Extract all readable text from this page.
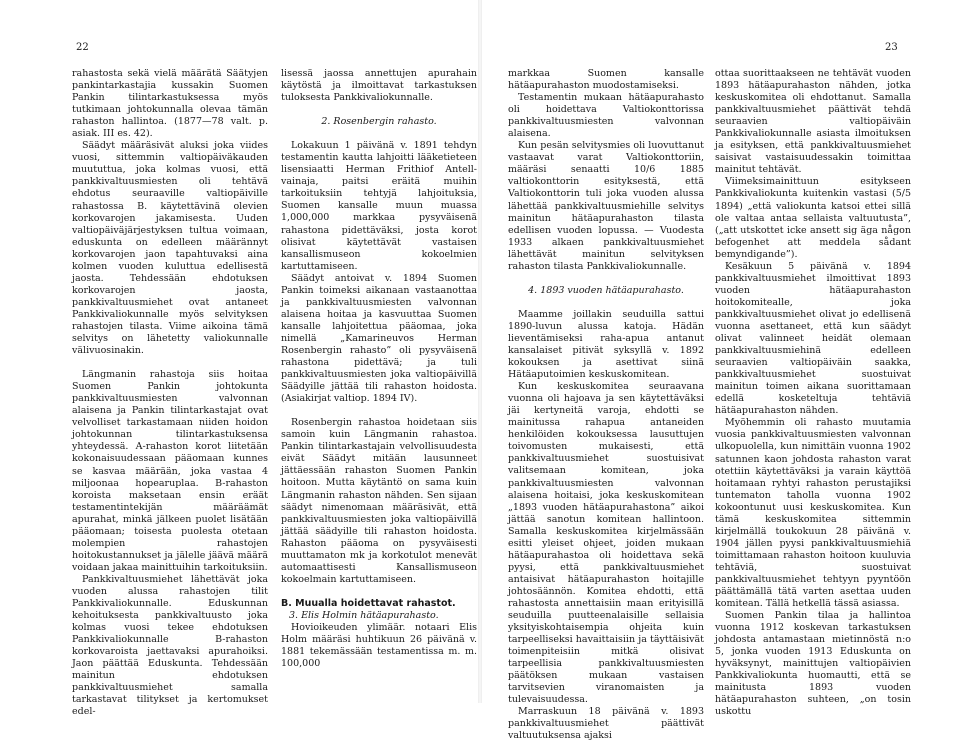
22

rahastosta sekä vielä määrätä Säätyjen pankintarkastajia kussakin Suomen Pankin tilintarkastuksessa myös tutkimaan johtokunnalla olevaa tämän rahaston hallintoa. (1877—78 valt. p. asiak. III es. 42).

Säädyt määräsivät aluksi joka viides vuosi, sittemmin valtiopäiväkauden muututtua, joka kolmas vuosi, että pankkivaltuusmiesten oli tehtävä ehdotus seuraaville valtiopäiville rahastossa B. käytettävinä olevien korkovarojen jakamisesta. Uuden valtiopäiväjärjestyksen tultua voimaan, eduskunta on edelleen määrännyt korkovarojen jaon tapahtuvaksi aina kolmen vuoden kuluttua edellisestä jaosta. Tehdessään ehdotuksen korkovarojen jaosta, pankkivaltuusmiehet ovat antaneet Pankkivaliokunnalle myös selvityksen rahastojen tilasta. Viime aikoina tämä selvitys on lähetetty valiokunnalle välivuosinakin.

Längmanin rahastoja siis hoitaa Suomen Pankin johtokunta pankkivaltuusmiesten valvonnan alaisena ja Pankin tilintarkastajat ovat velvolliset tarkastamaan niiden hoidon johtokunnan tilintarkastuksensa yhteydessä. A-rahaston korot liitetään kokonaisuudessaan pääomaan kunnes se kasvaa määrään, joka vastaa 4 miljoonaa hopearuplaa. B-rahaston koroista maksetaan ensin eräät testamentintekijän määräämät apurahat, minkä jälkeen puolet lisätään pääomaan; toisesta puolesta otetaan molempien rahastojen hoitokustannukset ja jälelle jäävä määrä voidaan jakaa mainittuihin tarkoituksiin.

Pankkivaltuusmiehet lähettävät joka vuoden alussa rahastojen tilit Pankkivaliokunnalle. Eduskunnan kehoituksesta pankkivaltuusto joka kolmas vuosi tekee ehdotuksen Pankkivaliokunnalle B-rahaston korkovaroista jaettavaksi apurahoiksi. Jaon päättää Eduskunta. Tehdessään mainitun ehdotuksen pankkivaltuusmiehet samalla tarkastavat tilitykset ja kertomukset edel-

lisessä jaossa annettujen apurahain käytöstä ja ilmoittavat tarkastuksen tuloksesta Pankkivaliokunnalle.

2. Rosenbergin rahasto.

Lokakuun 1 päivänä v. 1891 tehdyn testamentin kautta lahjoitti lääketieteen lisensiaatti Herman Frithiof Antell-vainaja, paitsi eräitä muihin tarkoituksiin tehtyjä lahjoituksia, Suomen kansalle muun muassa 1,000,000 markkaa pysyväisenä rahastona pidettäväksi, josta korot olisivat käytettävät vastaisen kansallismuseon kokoelmien kartuttamiseen.

Säädyt antoivat v. 1894 Suomen Pankin toimeksi aikanaan vastaanottaa ja pankkivaltuusmiesten valvonnan alaisena hoitaa ja kasvuuttaa Suomen kansalle lahjoitettua pääomaa, joka nimellä „Kamarineuvos Herman Rosenbergin rahasto” oli pysyväisenä rahastona pidettävä; ja tuli pankkivaltuusmiesten joka valtiopäivillä Säädyille jättää tili rahaston hoidosta. (Asiakirjat valtiop. 1894 IV).

Rosenbergin rahastoa hoidetaan siis samoin kuin Längmanin rahastoa. Pankin tilintarkastajain velvollisuudesta eivät Säädyt mitään lausunneet jättäessään rahaston Suomen Pankin hoitoon. Mutta käytäntö on sama kuin Längmanin rahaston nähden. Sen sijaan säädyt nimenomaan määräsivät, että pankkivaltuusmiesten joka valtiopäivillä jättää säädyille tili rahaston hoidosta. Rahaston pääoma on pysyväisesti muuttamaton mk ja korkotulot menevät automaattisesti Kansallismuseon kokoelmain kartuttamiseen.

B. Muualla hoidettavat rahastot.

3. Elis Holmin hätäapurahasto.

Hovioikeuden ylimäär. notaari Elis Holm määräsi huhtikuun 26 päivänä v. 1881 tekemässään testamentissa m. m. 100,000

23

markkaa Suomen kansalle hätäapurahaston muodostamiseksi.

Testamentin mukaan hätäapurahasto oli hoidettava Valtiokonttorissa pankkivaltuusmiesten valvonnan alaisena.

Kun pesän selvitysmies oli luovuttanut vastaavat varat Valtiokonttoriin, määräsi senaatti 10/6 1885 valtiokonttorin esityksestä, että Valtiokonttorin tuli joka vuoden alussa lähettää pankkivaltuusmiehille selvitys mainitun hätäapurahaston tilasta edellisen vuoden lopussa. — Vuodesta 1933 alkaen pankkivaltuusmiehet lähettävät mainitun selvityksen rahaston tilasta Pankkivaliokunnalle.

4. 1893 vuoden hätäapurahasto.

Maamme joillakin seuduilla sattui 1890-luvun alussa katoja. Hädän lieventämiseksi raha-apua antanut kansalaiset pitivät syksyllä v. 1892 kokouksen ja asettivat siinä Hätäaputoimien keskuskomitean.

Kun keskuskomitea seuraavana vuonna oli hajoava ja sen käytettäväksi jäi kertyneitä varoja, ehdotti se mainitussa rahapua antaneiden henkilöiden kokouksessa lausuttujen toivomusten mukaisesti, että pankkivaltuusmiehet suostuisivat valitsemaan komitean, joka pankkivaltuusmiesten valvonnan alaisena hoitaisi, joka keskuskomitean „1893 vuoden hätäapurahastona” aikoi jättää sanotun komitean hallintoon. Samalla keskuskomitea kirjelmässään esitti yleiset ohjeet, joiden mukaan hätäapurahastoa oli hoidettava sekä pyysi, että pankkivaltuusmiehet antaisivat hätäapurahaston hoitajille johtosäännön. Komitea ehdotti, että rahastosta annettaisiin maan erityisillä seuduilla puutteenalaisille sellaisia yksityiskohtaisempia ohjeita kuin tarpeelliseksi havaittaisiin ja täyttäisivät toimenpiteisiin mitkä olisivat tarpeellisia pankkivaltuusmiesten päätöksen mukaan vastaisen tarvitsevien viranomaisten ja tulevaisuudessa.

Marraskuun 18 päivänä v. 1893 pankkivaltuusmiehet päättivät valtuutuksensa ajaksi

ottaa suorittaakseen ne tehtävät vuoden 1893 hätäapurahaston nähden, jotka keskuskomitea oli ehdottanut. Samalla pankkivaltuusmiehet päättivät tehdä seuraavien valtiopäiväin Pankkivaliokunnalle asiasta ilmoituksen ja esityksen, että pankkivaltuusmiehet saisivat vastaisuudessakin toimittaa mainitut tehtävät.

Viimeksimainittuun esitykseen Pankkivaliokunta kuitenkin vastasi (5/5 1894) „että valiokunta katsoi ettei sillä ole valtaa antaa sellaista valtuutusta”, („att utskottet icke ansett sig äga någon befogenhet att meddela sådant bemyndigande”).

Kesäkuun 5 päivänä v. 1894 pankkivaltuusmiehet ilmoittivat 1893 vuoden hätäapurahaston hoitokomitealle, joka pankkivaltuusmiehet olivat jo edellisenä vuonna asettaneet, että kun säädyt olivat valinneet heidät olemaan pankkivaltuusmiehinä edelleen seuraavien valtiopäiväin saakka, pankkivaltuusmiehet suostuivat mainitun toimen aikana suorittamaan edellä kosketeltuja tehtäviä hätäapurahaston nähden.

Myöhemmin oli rahasto muutamia vuosia pankkivaltuusmiesten valvonnan ulkopuolella, kun nimittäin vuonna 1902 satunnen kaon johdosta rahaston varat otettiin käytettäväksi ja varain käyttöä hoitamaan ryhtyi rahaston perustajiksi tuntematon taholla vuonna 1902 kokoontunut uusi keskuskomitea. Kun tämä keskuskomitea sittemmin kirjelmällä toukokuun 28 päivänä v. 1904 jällen pyysi pankkivaltuusmiehiä toimittamaan rahaston hoitoon kuuluvia tehtäviä, suostuivat pankkivaltuusmiehet tehtyyn pyyntöön päättämällä tätä varten asettaa uuden komitean. Tällä hetkellä tässä asiassa.

Suomen Pankin tilaa ja hallintoa vuonna 1912 koskevan tarkastuksen johdosta antamastaan mietinnöstä n:o 5, jonka vuoden 1913 Eduskunta on hyväksynyt, mainittujen valtiopäivien Pankkivaliokunta huomautti, että se mainitusta 1893 vuoden hätäapurahaston suhteen, „on tosin uskottu
